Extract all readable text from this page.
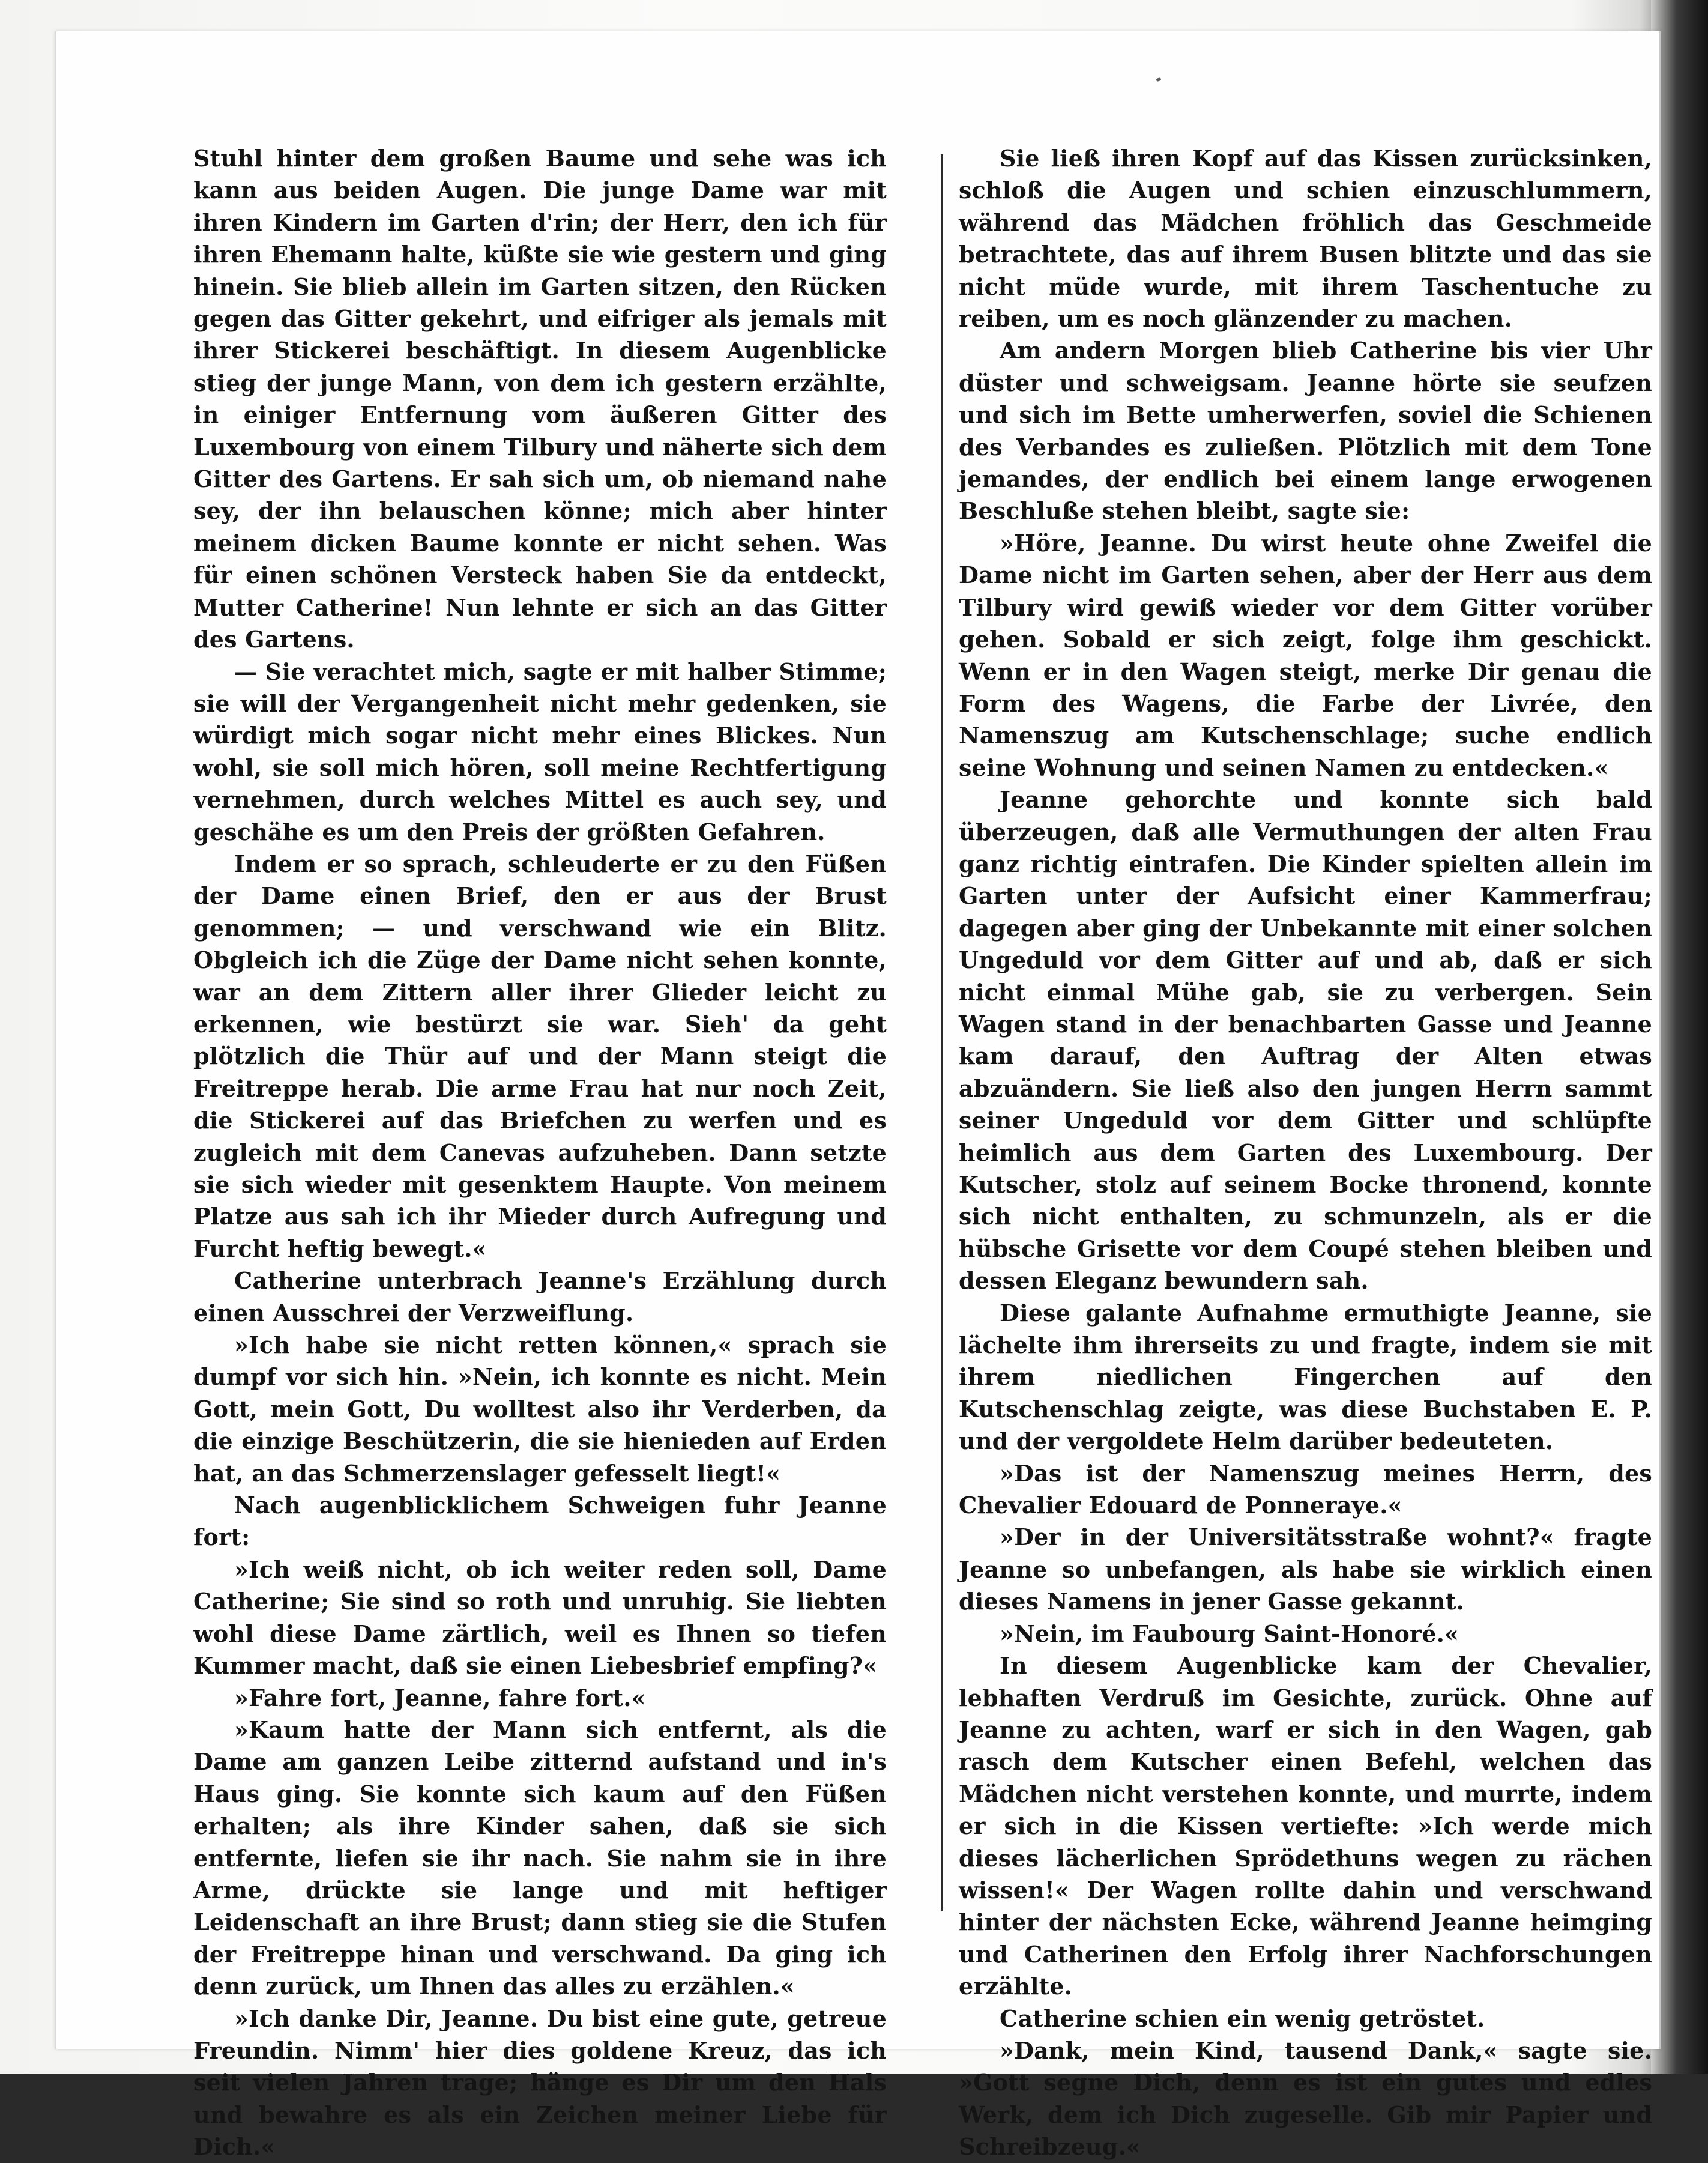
Stuhl hinter dem großen Baume und sehe was ich kann aus beiden Augen. Die junge Dame war mit ihren Kindern im Garten d'rin; der Herr, den ich für ihren Ehemann halte, küßte sie wie gestern und ging hinein. Sie blieb allein im Garten sitzen, den Rücken gegen das Gitter gekehrt, und eifriger als jemals mit ihrer Stickerei beschäftigt. In diesem Augenblicke stieg der junge Mann, von dem ich gestern erzählte, in einiger Entfernung vom äußeren Gitter des Luxembourg von einem Tilbury und näherte sich dem Gitter des Gartens. Er sah sich um, ob niemand nahe sey, der ihn belauschen könne; mich aber hinter meinem dicken Baume konnte er nicht sehen. Was für einen schönen Versteck haben Sie da entdeckt, Mutter Catherine! Nun lehnte er sich an das Gitter des Gartens.

— Sie verachtet mich, sagte er mit halber Stimme; sie will der Vergangenheit nicht mehr gedenken, sie würdigt mich sogar nicht mehr eines Blickes. Nun wohl, sie soll mich hören, soll meine Rechtfertigung vernehmen, durch welches Mittel es auch sey, und geschähe es um den Preis der größten Gefahren.

Indem er so sprach, schleuderte er zu den Füßen der Dame einen Brief, den er aus der Brust genommen; — und verschwand wie ein Blitz. Obgleich ich die Züge der Dame nicht sehen konnte, war an dem Zittern aller ihrer Glieder leicht zu erkennen, wie bestürzt sie war. Sieh' da geht plötzlich die Thür auf und der Mann steigt die Freitreppe herab. Die arme Frau hat nur noch Zeit, die Stickerei auf das Briefchen zu werfen und es zugleich mit dem Canevas aufzuheben. Dann setzte sie sich wieder mit gesenktem Haupte. Von meinem Platze aus sah ich ihr Mieder durch Aufregung und Furcht heftig bewegt.«

Catherine unterbrach Jeanne's Erzählung durch einen Ausschrei der Verzweiflung.

»Ich habe sie nicht retten können,« sprach sie dumpf vor sich hin. »Nein, ich konnte es nicht. Mein Gott, mein Gott, Du wolltest also ihr Verderben, da die einzige Beschützerin, die sie hienieden auf Erden hat, an das Schmerzenslager gefesselt liegt!«

Nach augenblicklichem Schweigen fuhr Jeanne fort:

»Ich weiß nicht, ob ich weiter reden soll, Dame Catherine; Sie sind so roth und unruhig. Sie liebten wohl diese Dame zärtlich, weil es Ihnen so tiefen Kummer macht, daß sie einen Liebesbrief empfing?«

»Fahre fort, Jeanne, fahre fort.«

»Kaum hatte der Mann sich entfernt, als die Dame am ganzen Leibe zitternd aufstand und in's Haus ging. Sie konnte sich kaum auf den Füßen erhalten; als ihre Kinder sahen, daß sie sich entfernte, liefen sie ihr nach. Sie nahm sie in ihre Arme, drückte sie lange und mit heftiger Leidenschaft an ihre Brust; dann stieg sie die Stufen der Freitreppe hinan und verschwand. Da ging ich denn zurück, um Ihnen das alles zu erzählen.«

»Ich danke Dir, Jeanne. Du bist eine gute, getreue Freundin. Nimm' hier dies goldene Kreuz, das ich seit vielen Jahren trage; hänge es Dir um den Hals und bewahre es als ein Zeichen meiner Liebe für Dich.«

Sie ließ ihren Kopf auf das Kissen zurücksinken, schloß die Augen und schien einzuschlummern, während das Mädchen fröhlich das Geschmeide betrachtete, das auf ihrem Busen blitzte und das sie nicht müde wurde, mit ihrem Taschentuche zu reiben, um es noch glänzender zu machen.

Am andern Morgen blieb Catherine bis vier Uhr düster und schweigsam. Jeanne hörte sie seufzen und sich im Bette umherwerfen, soviel die Schienen des Verbandes es zuließen. Plötzlich mit dem Tone jemandes, der endlich bei einem lange erwogenen Beschluße stehen bleibt, sagte sie:

»Höre, Jeanne. Du wirst heute ohne Zweifel die Dame nicht im Garten sehen, aber der Herr aus dem Tilbury wird gewiß wieder vor dem Gitter vorüber gehen. Sobald er sich zeigt, folge ihm geschickt. Wenn er in den Wagen steigt, merke Dir genau die Form des Wagens, die Farbe der Livrée, den Namenszug am Kutschenschlage; suche endlich seine Wohnung und seinen Namen zu entdecken.«

Jeanne gehorchte und konnte sich bald überzeugen, daß alle Vermuthungen der alten Frau ganz richtig eintrafen. Die Kinder spielten allein im Garten unter der Aufsicht einer Kammerfrau; dagegen aber ging der Unbekannte mit einer solchen Ungeduld vor dem Gitter auf und ab, daß er sich nicht einmal Mühe gab, sie zu verbergen. Sein Wagen stand in der benachbarten Gasse und Jeanne kam darauf, den Auftrag der Alten etwas abzuändern. Sie ließ also den jungen Herrn sammt seiner Ungeduld vor dem Gitter und schlüpfte heimlich aus dem Garten des Luxembourg. Der Kutscher, stolz auf seinem Bocke thronend, konnte sich nicht enthalten, zu schmunzeln, als er die hübsche Grisette vor dem Coupé stehen bleiben und dessen Eleganz bewundern sah.

Diese galante Aufnahme ermuthigte Jeanne, sie lächelte ihm ihrerseits zu und fragte, indem sie mit ihrem niedlichen Fingerchen auf den Kutschenschlag zeigte, was diese Buchstaben E. P. und der vergoldete Helm darüber bedeuteten.

»Das ist der Namenszug meines Herrn, des Chevalier Edouard de Ponneraye.«

»Der in der Universitätsstraße wohnt?« fragte Jeanne so unbefangen, als habe sie wirklich einen dieses Namens in jener Gasse gekannt.

»Nein, im Faubourg Saint-Honoré.«

In diesem Augenblicke kam der Chevalier, lebhaften Verdruß im Gesichte, zurück. Ohne auf Jeanne zu achten, warf er sich in den Wagen, gab rasch dem Kutscher einen Befehl, welchen das Mädchen nicht verstehen konnte, und murrte, indem er sich in die Kissen vertiefte: »Ich werde mich dieses lächerlichen Sprödethuns wegen zu rächen wissen!« Der Wagen rollte dahin und verschwand hinter der nächsten Ecke, während Jeanne heimging und Catherinen den Erfolg ihrer Nachforschungen erzählte.

Catherine schien ein wenig getröstet.

»Dank, mein Kind, tausend Dank,« sagte sie. »Gott segne Dich, denn es ist ein gutes und edles Werk, dem ich Dich zugeselle. Gib mir Papier und Schreibzeug.«
